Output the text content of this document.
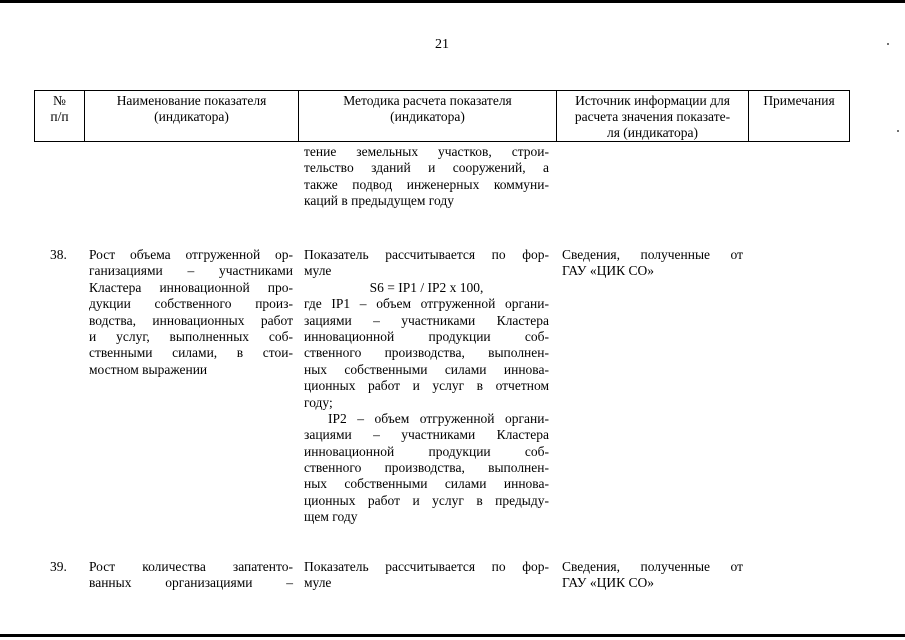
21
№
п/п
Наименование показателя
(индикатора)
Методика расчета показателя
(индикатора)
Источник информации для
расчета значения показате-
ля (индикатора)
Примечания
тение земельных участков, строи-
тельство зданий и сооружений, а
также подвод инженерных коммуни-
каций в предыдущем году
38. Рост объема отгруженной ор-
ганизациями – участниками
Кластера инновационной про-
дукции собственного произ-
водства, инновационных работ
и услуг, выполненных соб-
ственными силами, в стои-
мостном выражении
Показатель рассчитывается по фор-
муле
S6 = IP1 / IP2 x 100,
где IP1 – объем отгруженной органи-
зациями – участниками Кластера
инновационной продукции соб-
ственного производства, выполнен-
ных собственными силами иннова-
ционных работ и услуг в отчетном
году;
IP2 – объем отгруженной органи-
зациями – участниками Кластера
инновационной продукции соб-
ственного производства, выполнен-
ных собственными силами иннова-
ционных работ и услуг в предыду-
щем году
Сведения, полученные от
ГАУ «ЦИК СО»
39. Рост количества запатенто-
ванных организациями –
Показатель рассчитывается по фор-
муле
Сведения, полученные от
ГАУ «ЦИК СО»
